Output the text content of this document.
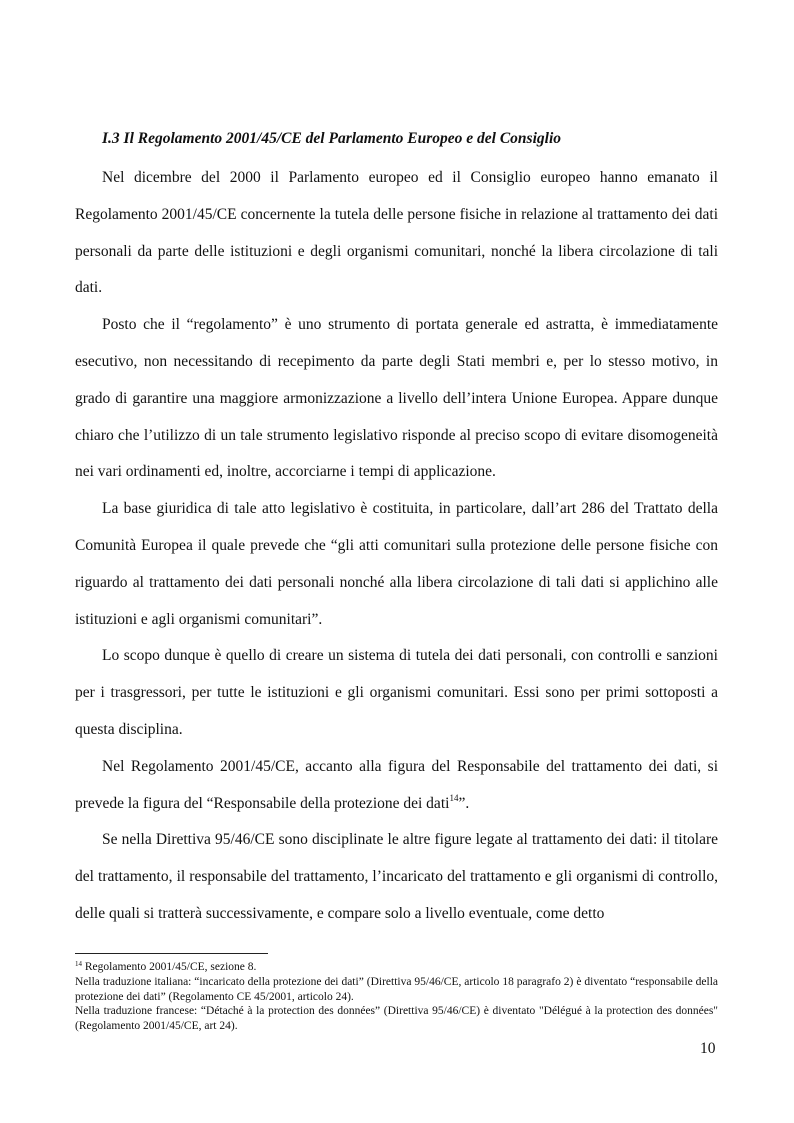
I.3 Il Regolamento 2001/45/CE del Parlamento Europeo e del Consiglio

Nel dicembre del 2000 il Parlamento europeo ed il Consiglio europeo hanno emanato il Regolamento 2001/45/CE concernente la tutela delle persone fisiche in relazione al trattamento dei dati personali da parte delle istituzioni e degli organismi comunitari, nonché la libera circolazione di tali dati.

Posto che il “regolamento” è uno strumento di portata generale ed astratta, è immediatamente esecutivo, non necessitando di recepimento da parte degli Stati membri e, per lo stesso motivo, in grado di garantire una maggiore armonizzazione a livello dell’intera Unione Europea. Appare dunque chiaro che l’utilizzo di un tale strumento legislativo risponde al preciso scopo di evitare disomogeneità nei vari ordinamenti ed, inoltre, accorciarne i tempi di applicazione.

La base giuridica di tale atto legislativo è costituita, in particolare, dall’art 286 del Trattato della Comunità Europea il quale prevede che “gli atti comunitari sulla protezione delle persone fisiche con riguardo al trattamento dei dati personali nonché alla libera circolazione di tali dati si applichino alle istituzioni e agli organismi comunitari”.

Lo scopo dunque è quello di creare un sistema di tutela dei dati personali, con controlli e sanzioni per i trasgressori, per tutte le istituzioni e gli organismi comunitari. Essi sono per primi sottoposti a questa disciplina.

Nel Regolamento 2001/45/CE, accanto alla figura del Responsabile del trattamento dei dati, si prevede la figura del “Responsabile della protezione dei dati$^{14}$”.

Se nella Direttiva 95/46/CE sono disciplinate le altre figure legate al trattamento dei dati: il titolare del trattamento, il responsabile del trattamento, l’incaricato del trattamento e gli organismi di controllo, delle quali si tratterà successivamente, e compare solo a livello eventuale, come detto

$^{14}$ Regolamento 2001/45/CE, sezione 8.

Nella traduzione italiana: “incaricato della protezione dei dati” (Direttiva 95/46/CE, articolo 18 paragrafo 2) è diventato “responsabile della protezione dei dati” (Regolamento CE 45/2001, articolo 24).

Nella traduzione francese: “Détaché à la protection des données” (Direttiva 95/46/CE) è diventato "Délégué à la protection des données" (Regolamento 2001/45/CE, art 24).

10
